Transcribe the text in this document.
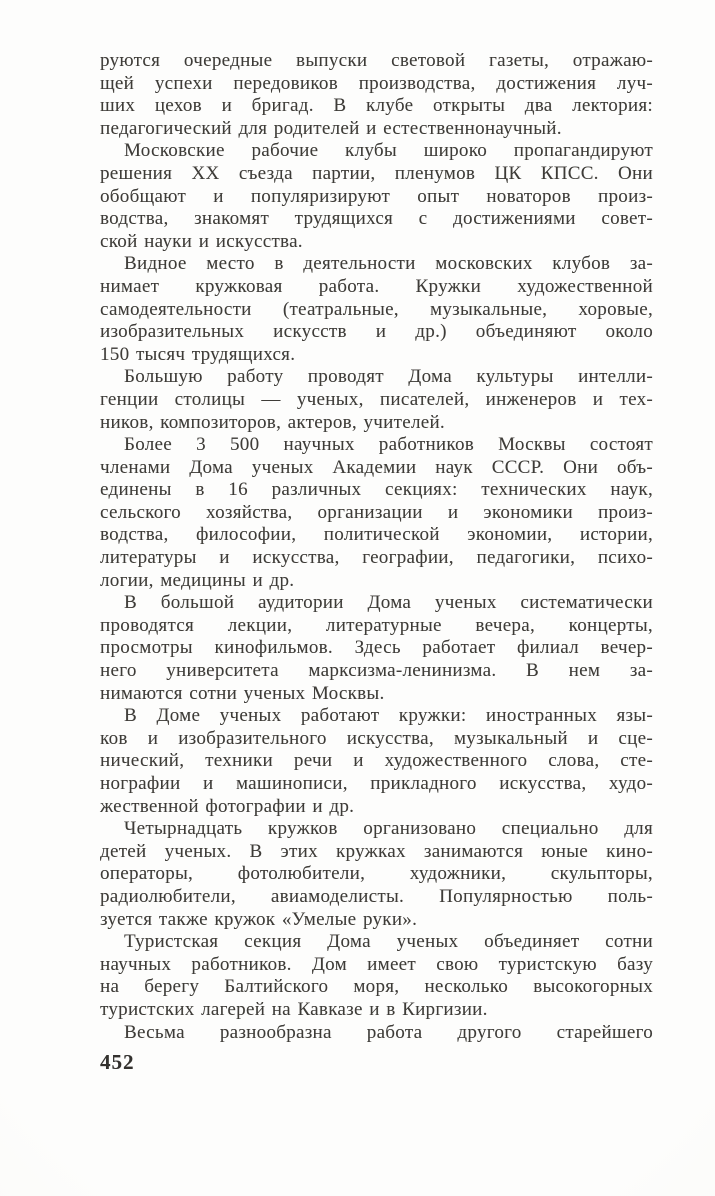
руются очередные выпуски световой газеты, отражаю-
щей успехи передовиков производства, достижения луч-
ших цехов и бригад. В клубе открыты два лектория:
педагогический для родителей и естественнонаучный.
Московские рабочие клубы широко пропагандируют
решения XX съезда партии, пленумов ЦК КПСС. Они
обобщают и популяризируют опыт новаторов произ-
водства, знакомят трудящихся с достижениями совет-
ской науки и искусства.
Видное место в деятельности московских клубов за-
нимает кружковая работа. Кружки художественной
самодеятельности (театральные, музыкальные, хоровые,
изобразительных искусств и др.) объединяют около
150 тысяч трудящихся.
Большую работу проводят Дома культуры интелли-
генции столицы — ученых, писателей, инженеров и тех-
ников, композиторов, актеров, учителей.
Более 3 500 научных работников Москвы состоят
членами Дома ученых Академии наук СССР. Они объ-
единены в 16 различных секциях: технических наук,
сельского хозяйства, организации и экономики произ-
водства, философии, политической экономии, истории,
литературы и искусства, географии, педагогики, психо-
логии, медицины и др.
В большой аудитории Дома ученых систематически
проводятся лекции, литературные вечера, концерты,
просмотры кинофильмов. Здесь работает филиал вечер-
него университета марксизма-ленинизма. В нем за-
нимаются сотни ученых Москвы.
В Доме ученых работают кружки: иностранных язы-
ков и изобразительного искусства, музыкальный и сце-
нический, техники речи и художественного слова, сте-
нографии и машинописи, прикладного искусства, худо-
жественной фотографии и др.
Четырнадцать кружков организовано специально для
детей ученых. В этих кружках занимаются юные кино-
операторы, фотолюбители, художники, скульпторы,
радиолюбители, авиамоделисты. Популярностью поль-
зуется также кружок «Умелые руки».
Туристская секция Дома ученых объединяет сотни
научных работников. Дом имеет свою туристскую базу
на берегу Балтийского моря, несколько высокогорных
туристских лагерей на Кавказе и в Киргизии.
Весьма разнообразна работа другого старейшего
452
